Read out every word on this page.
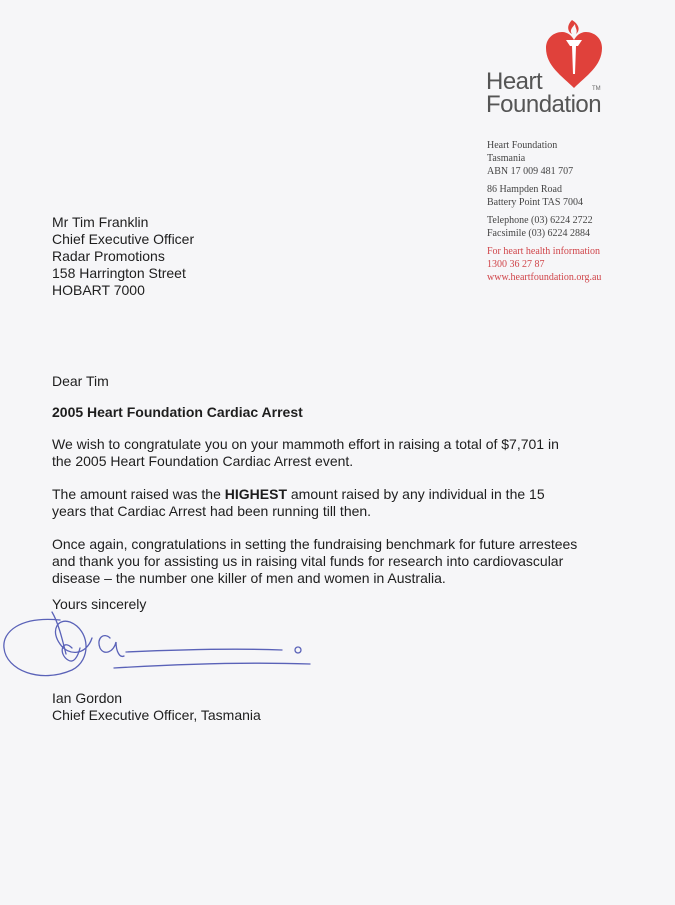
Heart
Foundation
TM
Heart Foundation
Tasmania
ABN 17 009 481 707
86 Hampden Road
Battery Point TAS 7004
Telephone (03) 6224 2722
Facsimile (03) 6224 2884
For heart health information
1300 36 27 87
www.heartfoundation.org.au
Mr Tim Franklin
Chief Executive Officer
Radar Promotions
158 Harrington Street
HOBART 7000
Dear Tim
2005 Heart Foundation Cardiac Arrest
We wish to congratulate you on your mammoth effort in raising a total of $7,701 in
the 2005 Heart Foundation Cardiac Arrest event.
The amount raised was the HIGHEST amount raised by any individual in the 15
years that Cardiac Arrest had been running till then.
Once again, congratulations in setting the fundraising benchmark for future arrestees
and thank you for assisting us in raising vital funds for research into cardiovascular
disease – the number one killer of men and women in Australia.
Yours sincerely
Ian Gordon
Chief Executive Officer, Tasmania
